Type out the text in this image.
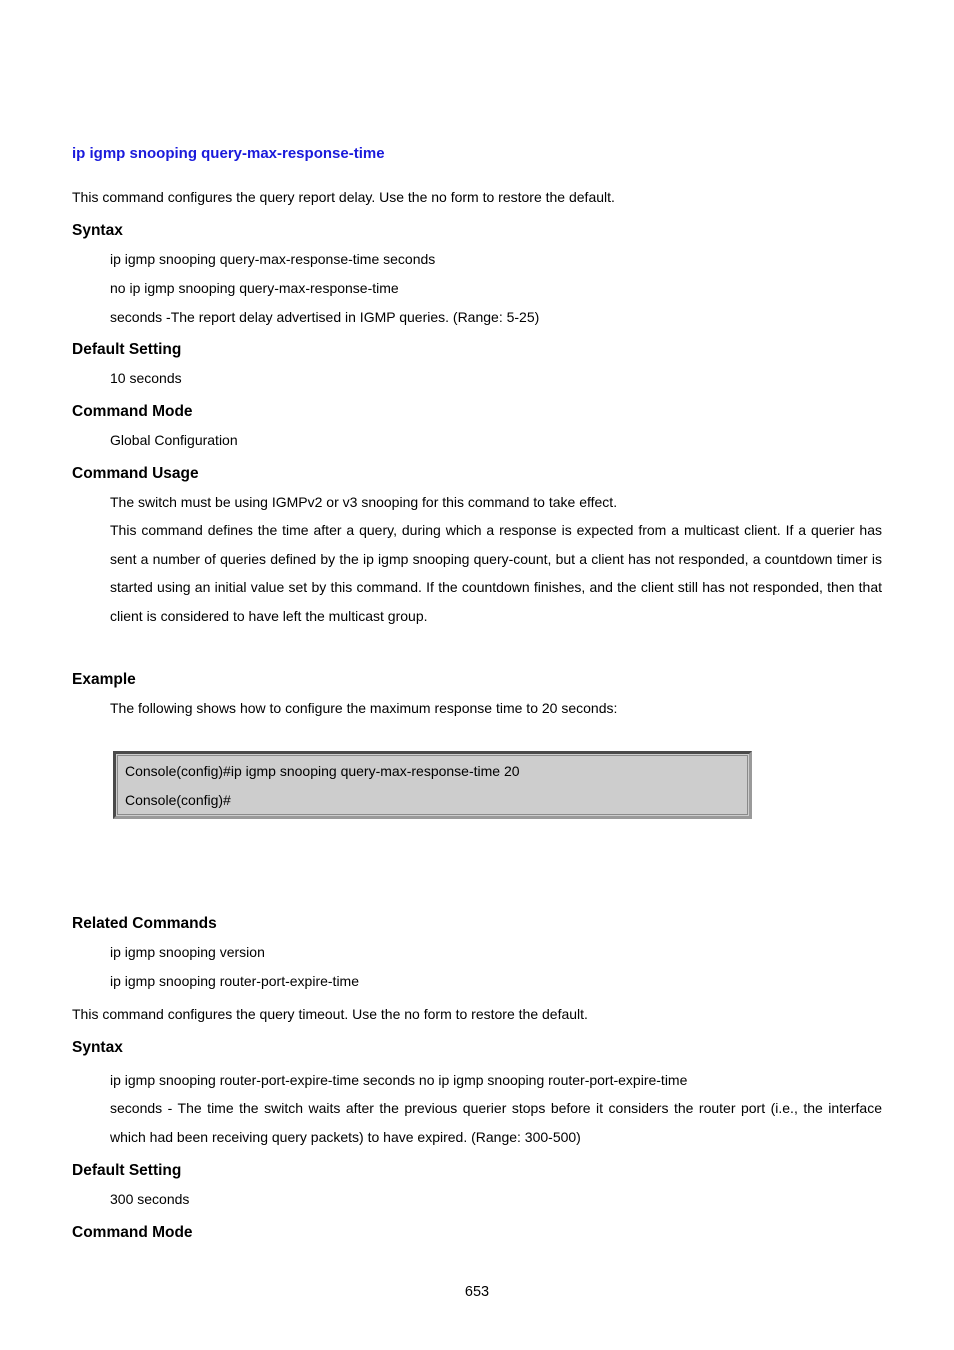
ip igmp snooping query-max-response-time
This command configures the query report delay. Use the no form to restore the default.
Syntax
ip igmp snooping query-max-response-time seconds
no ip igmp snooping query-max-response-time
seconds -The report delay advertised in IGMP queries. (Range: 5-25)
Default Setting
10 seconds
Command Mode
Global Configuration
Command Usage
The switch must be using IGMPv2 or v3 snooping for this command to take effect.
This command defines the time after a query, during which a response is expected from a multicast client. If a querier has sent a number of queries defined by the ip igmp snooping query-count, but a client has not responded, a countdown timer is started using an initial value set by this command. If the countdown finishes, and the client still has not responded, then that client is considered to have left the multicast group.
Example
The following shows how to configure the maximum response time to 20 seconds:
Console(config)#ip igmp snooping query-max-response-time 20
Console(config)#
Related Commands
ip igmp snooping version
ip igmp snooping router-port-expire-time
This command configures the query timeout. Use the no form to restore the default.
Syntax
ip igmp snooping router-port-expire-time seconds no ip igmp snooping router-port-expire-time
seconds - The time the switch waits after the previous querier stops before it considers the router port (i.e., the interface which had been receiving query packets) to have expired. (Range: 300-500)
Default Setting
300 seconds
Command Mode
653
